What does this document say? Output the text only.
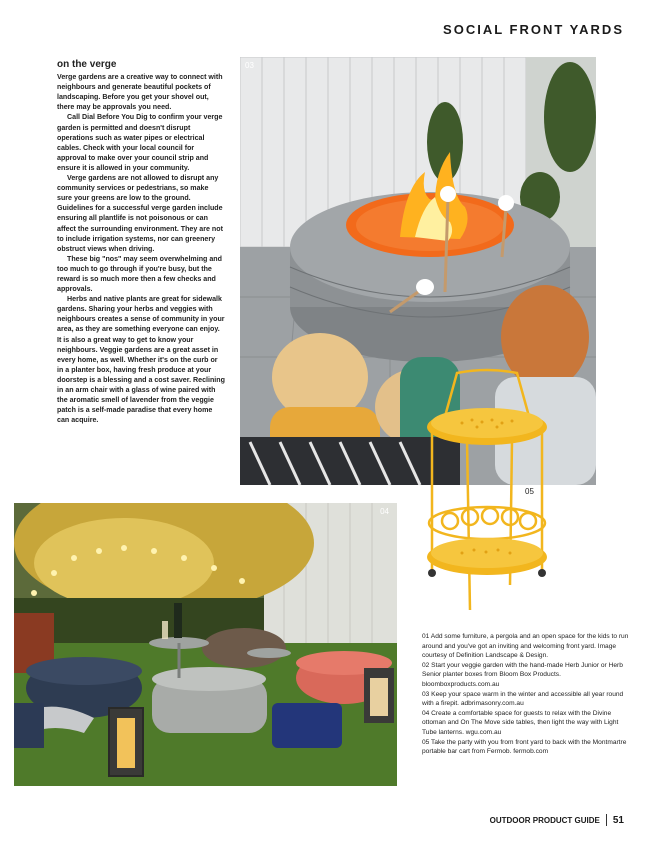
SOCIAL FRONT YARDS
on the verge

Verge gardens are a creative way to connect with neighbours and generate beautiful pockets of landscaping. Before you get your shovel out, there may be approvals you need.

Call Dial Before You Dig to confirm your verge garden is permitted and doesn't disrupt operations such as water pipes or electrical cables. Check with your local council for approval to make over your council strip and ensure it is allowed in your community.

Verge gardens are not allowed to disrupt any community services or pedestrians, so make sure your greens are low to the ground. Guidelines for a successful verge garden include ensuring all plantlife is not poisonous or can affect the surrounding environment. They are not to include irrigation systems, nor can greenery obstruct views when driving.

These big "nos" may seem overwhelming and too much to go through if you're busy, but the reward is so much more then a few checks and approvals.

Herbs and native plants are great for sidewalk gardens. Sharing your herbs and veggies with neighbours creates a sense of community in your area, as they are something everyone can enjoy. It is also a great way to get to know your neighbours. Veggie gardens are a great asset in every home, as well. Whether it's on the curb or in a planter box, having fresh produce at your doorstep is a blessing and a cost saver. Reclining in an arm chair with a glass of wine paired with the aromatic smell of lavender from the veggie patch is a self-made paradise that every home can acquire.

03
04
05

01 Add some furniture, a pergola and an open space for the kids to run around and you've got an inviting and welcoming front yard. Image courtesy of Definition Landscape & Design.

02 Start your veggie garden with the hand-made Herb Junior or Herb Senior planter boxes from Bloom Box Products. bloomboxproducts.com.au

03 Keep your space warm in the winter and accessible all year round with a firepit. adbrimasonry.com.au

04 Create a comfortable space for guests to relax with the Divine ottoman and On The Move side tables, then light the way with Light Tube lanterns. wgu.com.au

05 Take the party with you from front yard to back with the Montmartre portable bar cart from Fermob. fermob.com

OUTDOOR PRODUCT GUIDE 51
